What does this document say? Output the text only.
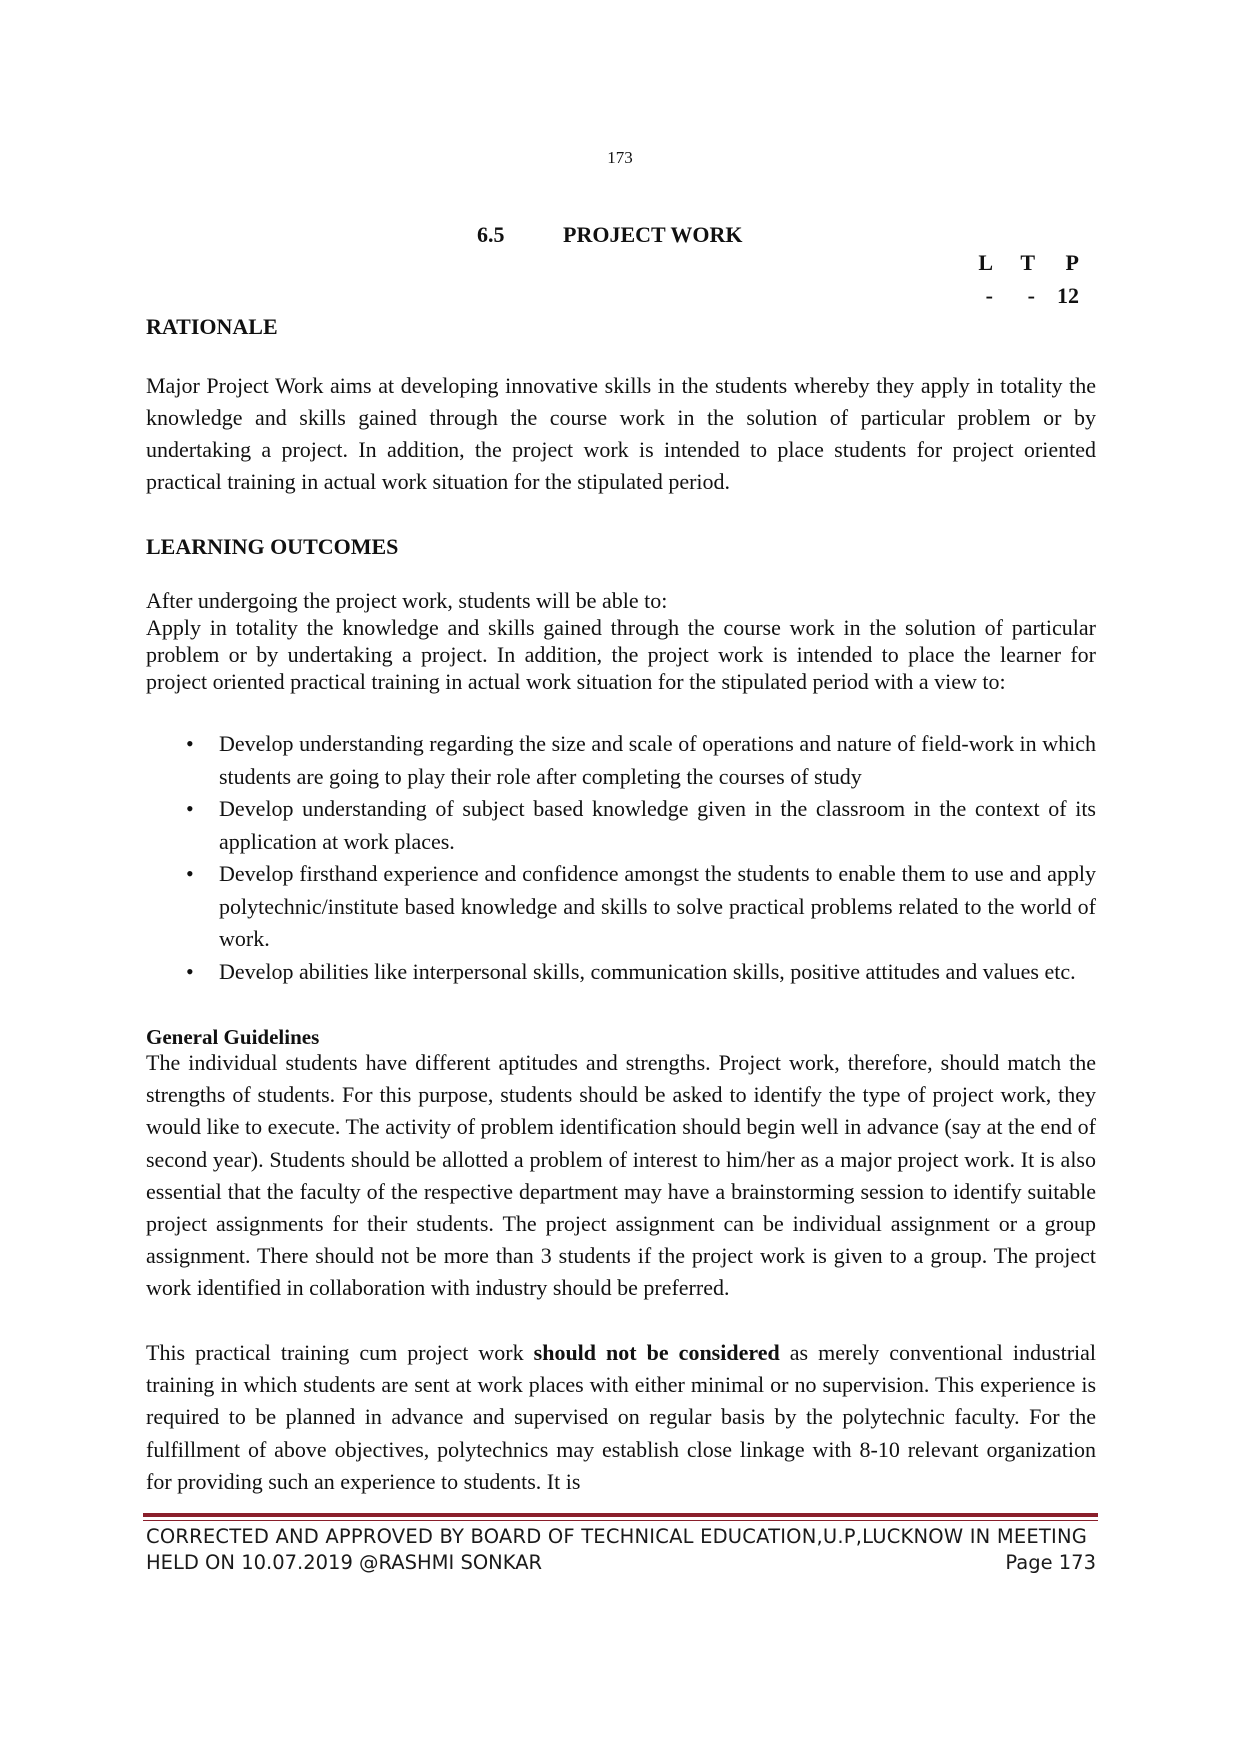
173
6.5	PROJECT WORK
L T P
- - 12
RATIONALE
Major Project Work aims at developing innovative skills in the students whereby they apply in totality the knowledge and skills gained through the course work in the solution of particular problem or by undertaking a project. In addition, the project work is intended to place students for project oriented practical training in actual work situation for the stipulated period.
LEARNING OUTCOMES
After undergoing the project work, students will be able to:
Apply in totality the knowledge and skills gained through the course work in the solution of particular problem or by undertaking a project. In addition, the project work is intended to place the learner for project oriented practical training in actual work situation for the stipulated period with a view to:
• Develop understanding regarding the size and scale of operations and nature of field-work in which students are going to play their role after completing the courses of study
• Develop understanding of subject based knowledge given in the classroom in the context of its application at work places.
• Develop firsthand experience and confidence amongst the students to enable them to use and apply polytechnic/institute based knowledge and skills to solve practical problems related to the world of work.
• Develop abilities like interpersonal skills, communication skills, positive attitudes and values etc.
General Guidelines
The individual students have different aptitudes and strengths. Project work, therefore, should match the strengths of students. For this purpose, students should be asked to identify the type of project work, they would like to execute. The activity of problem identification should begin well in advance (say at the end of second year). Students should be allotted a problem of interest to him/her as a major project work. It is also essential that the faculty of the respective department may have a brainstorming session to identify suitable project assignments for their students. The project assignment can be individual assignment or a group assignment. There should not be more than 3 students if the project work is given to a group. The project work identified in collaboration with industry should be preferred.
This practical training cum project work should not be considered as merely conventional industrial training in which students are sent at work places with either minimal or no supervision. This experience is required to be planned in advance and supervised on regular basis by the polytechnic faculty. For the fulfillment of above objectives, polytechnics may establish close linkage with 8-10 relevant organization for providing such an experience to students. It is
CORRECTED AND APPROVED BY BOARD OF TECHNICAL EDUCATION,U.P,LUCKNOW IN MEETING
HELD ON 10.07.2019 @RASHMI SONKAR	Page 173
